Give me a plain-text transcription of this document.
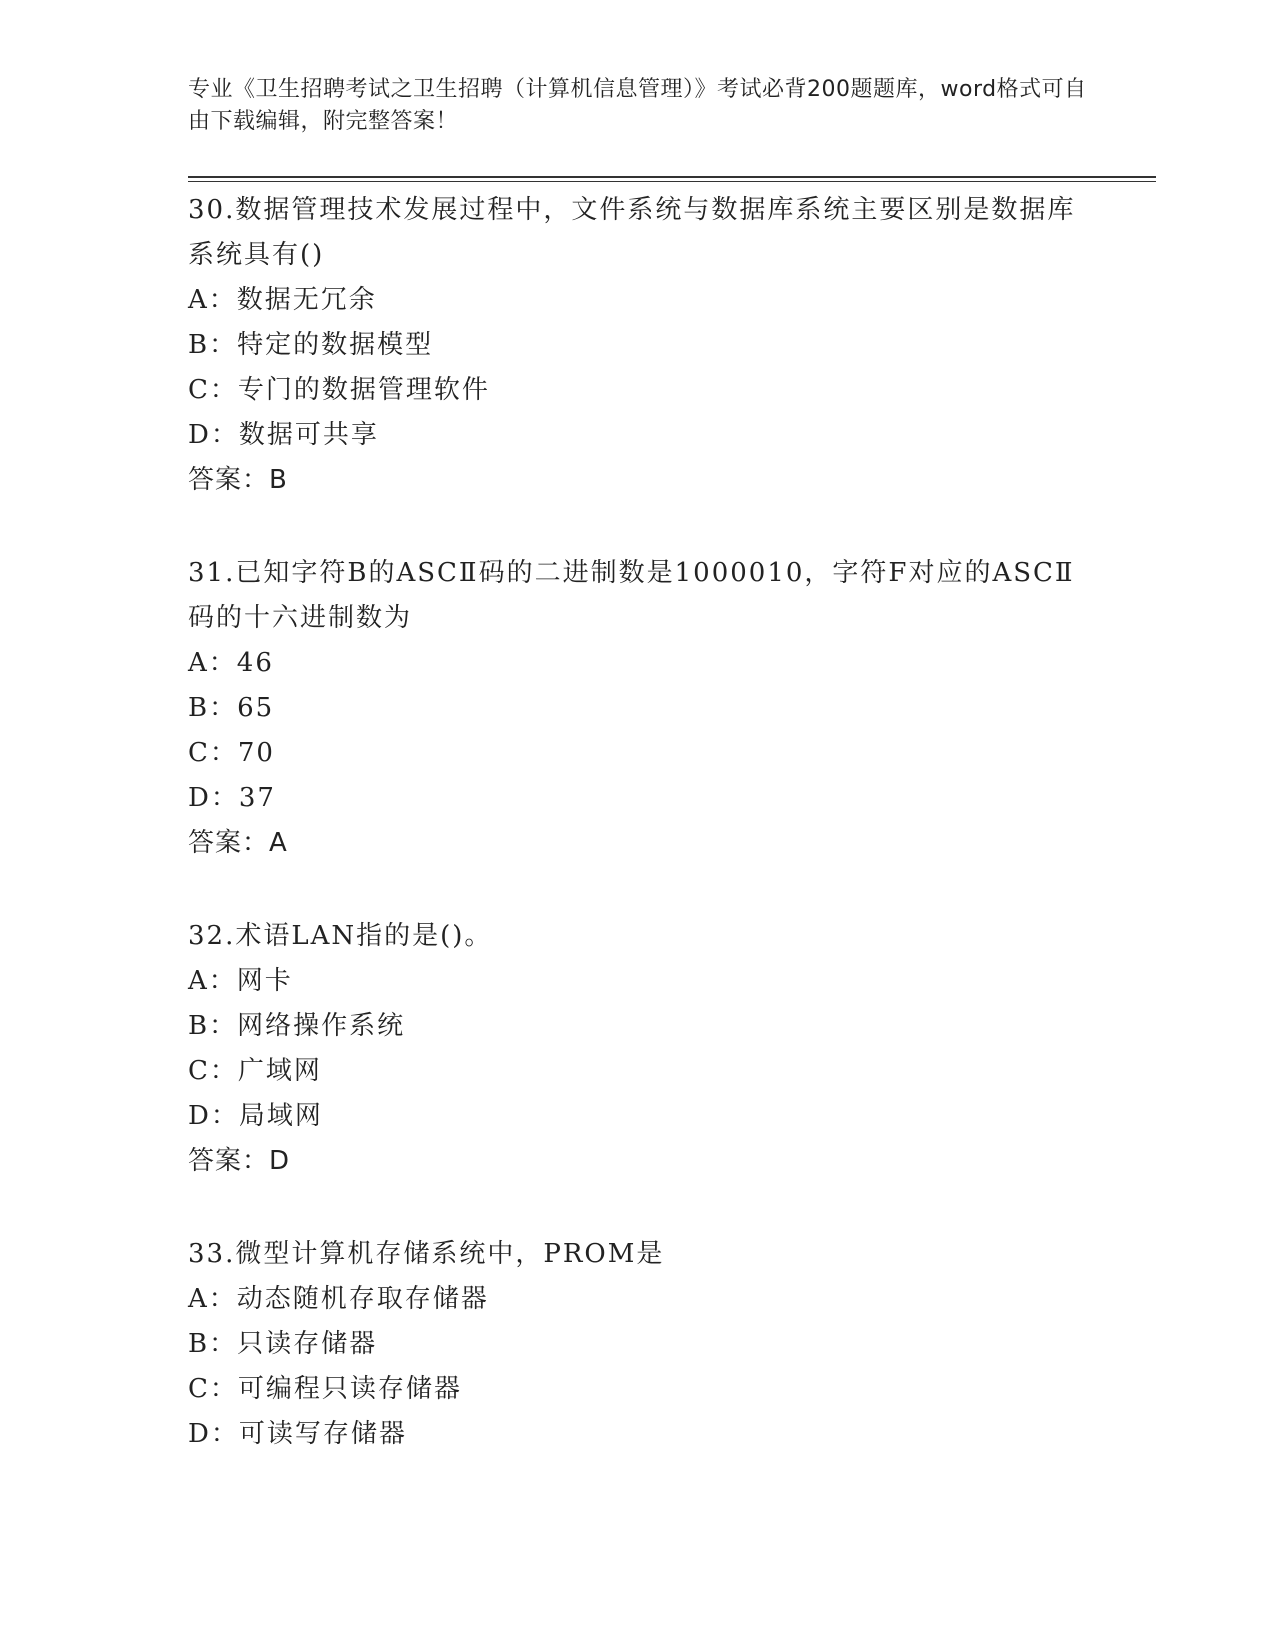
专业《卫生招聘考试之卫生招聘（计算机信息管理）》考试必背200题题库，word格式可自由下载编辑，附完整答案！
30.数据管理技术发展过程中，文件系统与数据库系统主要区别是数据库系统具有()
A：数据无冗余
B：特定的数据模型
C：专门的数据管理软件
D：数据可共享
答案：B
31.已知字符B的ASCⅡ码的二进制数是1000010，字符F对应的ASCⅡ码的十六进制数为
A：46
B：65
C：70
D：37
答案：A
32.术语LAN指的是()。
A：网卡
B：网络操作系统
C：广域网
D：局域网
答案：D
33.微型计算机存储系统中，PROM是
A：动态随机存取存储器
B：只读存储器
C：可编程只读存储器
D：可读写存储器
